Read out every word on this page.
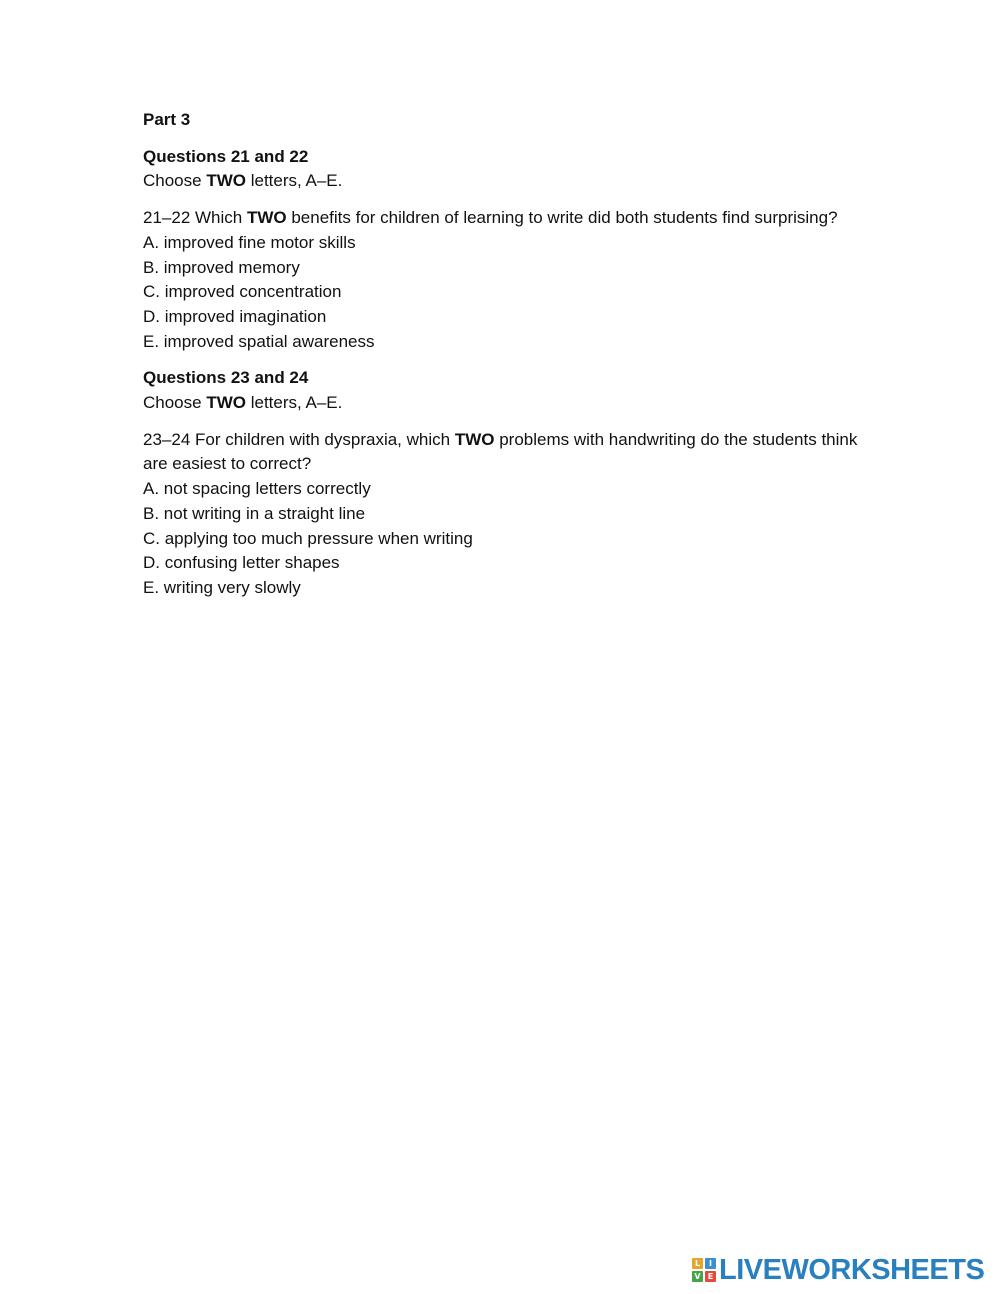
Part 3

Questions 21 and 22

Choose TWO letters, A–E.

21–22 Which TWO benefits for children of learning to write did both students find surprising?

A. improved fine motor skills

B. improved memory

C. improved concentration

D. improved imagination

E. improved spatial awareness

Questions 23 and 24

Choose TWO letters, A–E.

23–24 For children with dyspraxia, which TWO problems with handwriting do the students think are easiest to correct?

A. not spacing letters correctly

B. not writing in a straight line

C. applying too much pressure when writing

D. confusing letter shapes

E. writing very slowly

L	I
V E LIVEWORKSHEETS
